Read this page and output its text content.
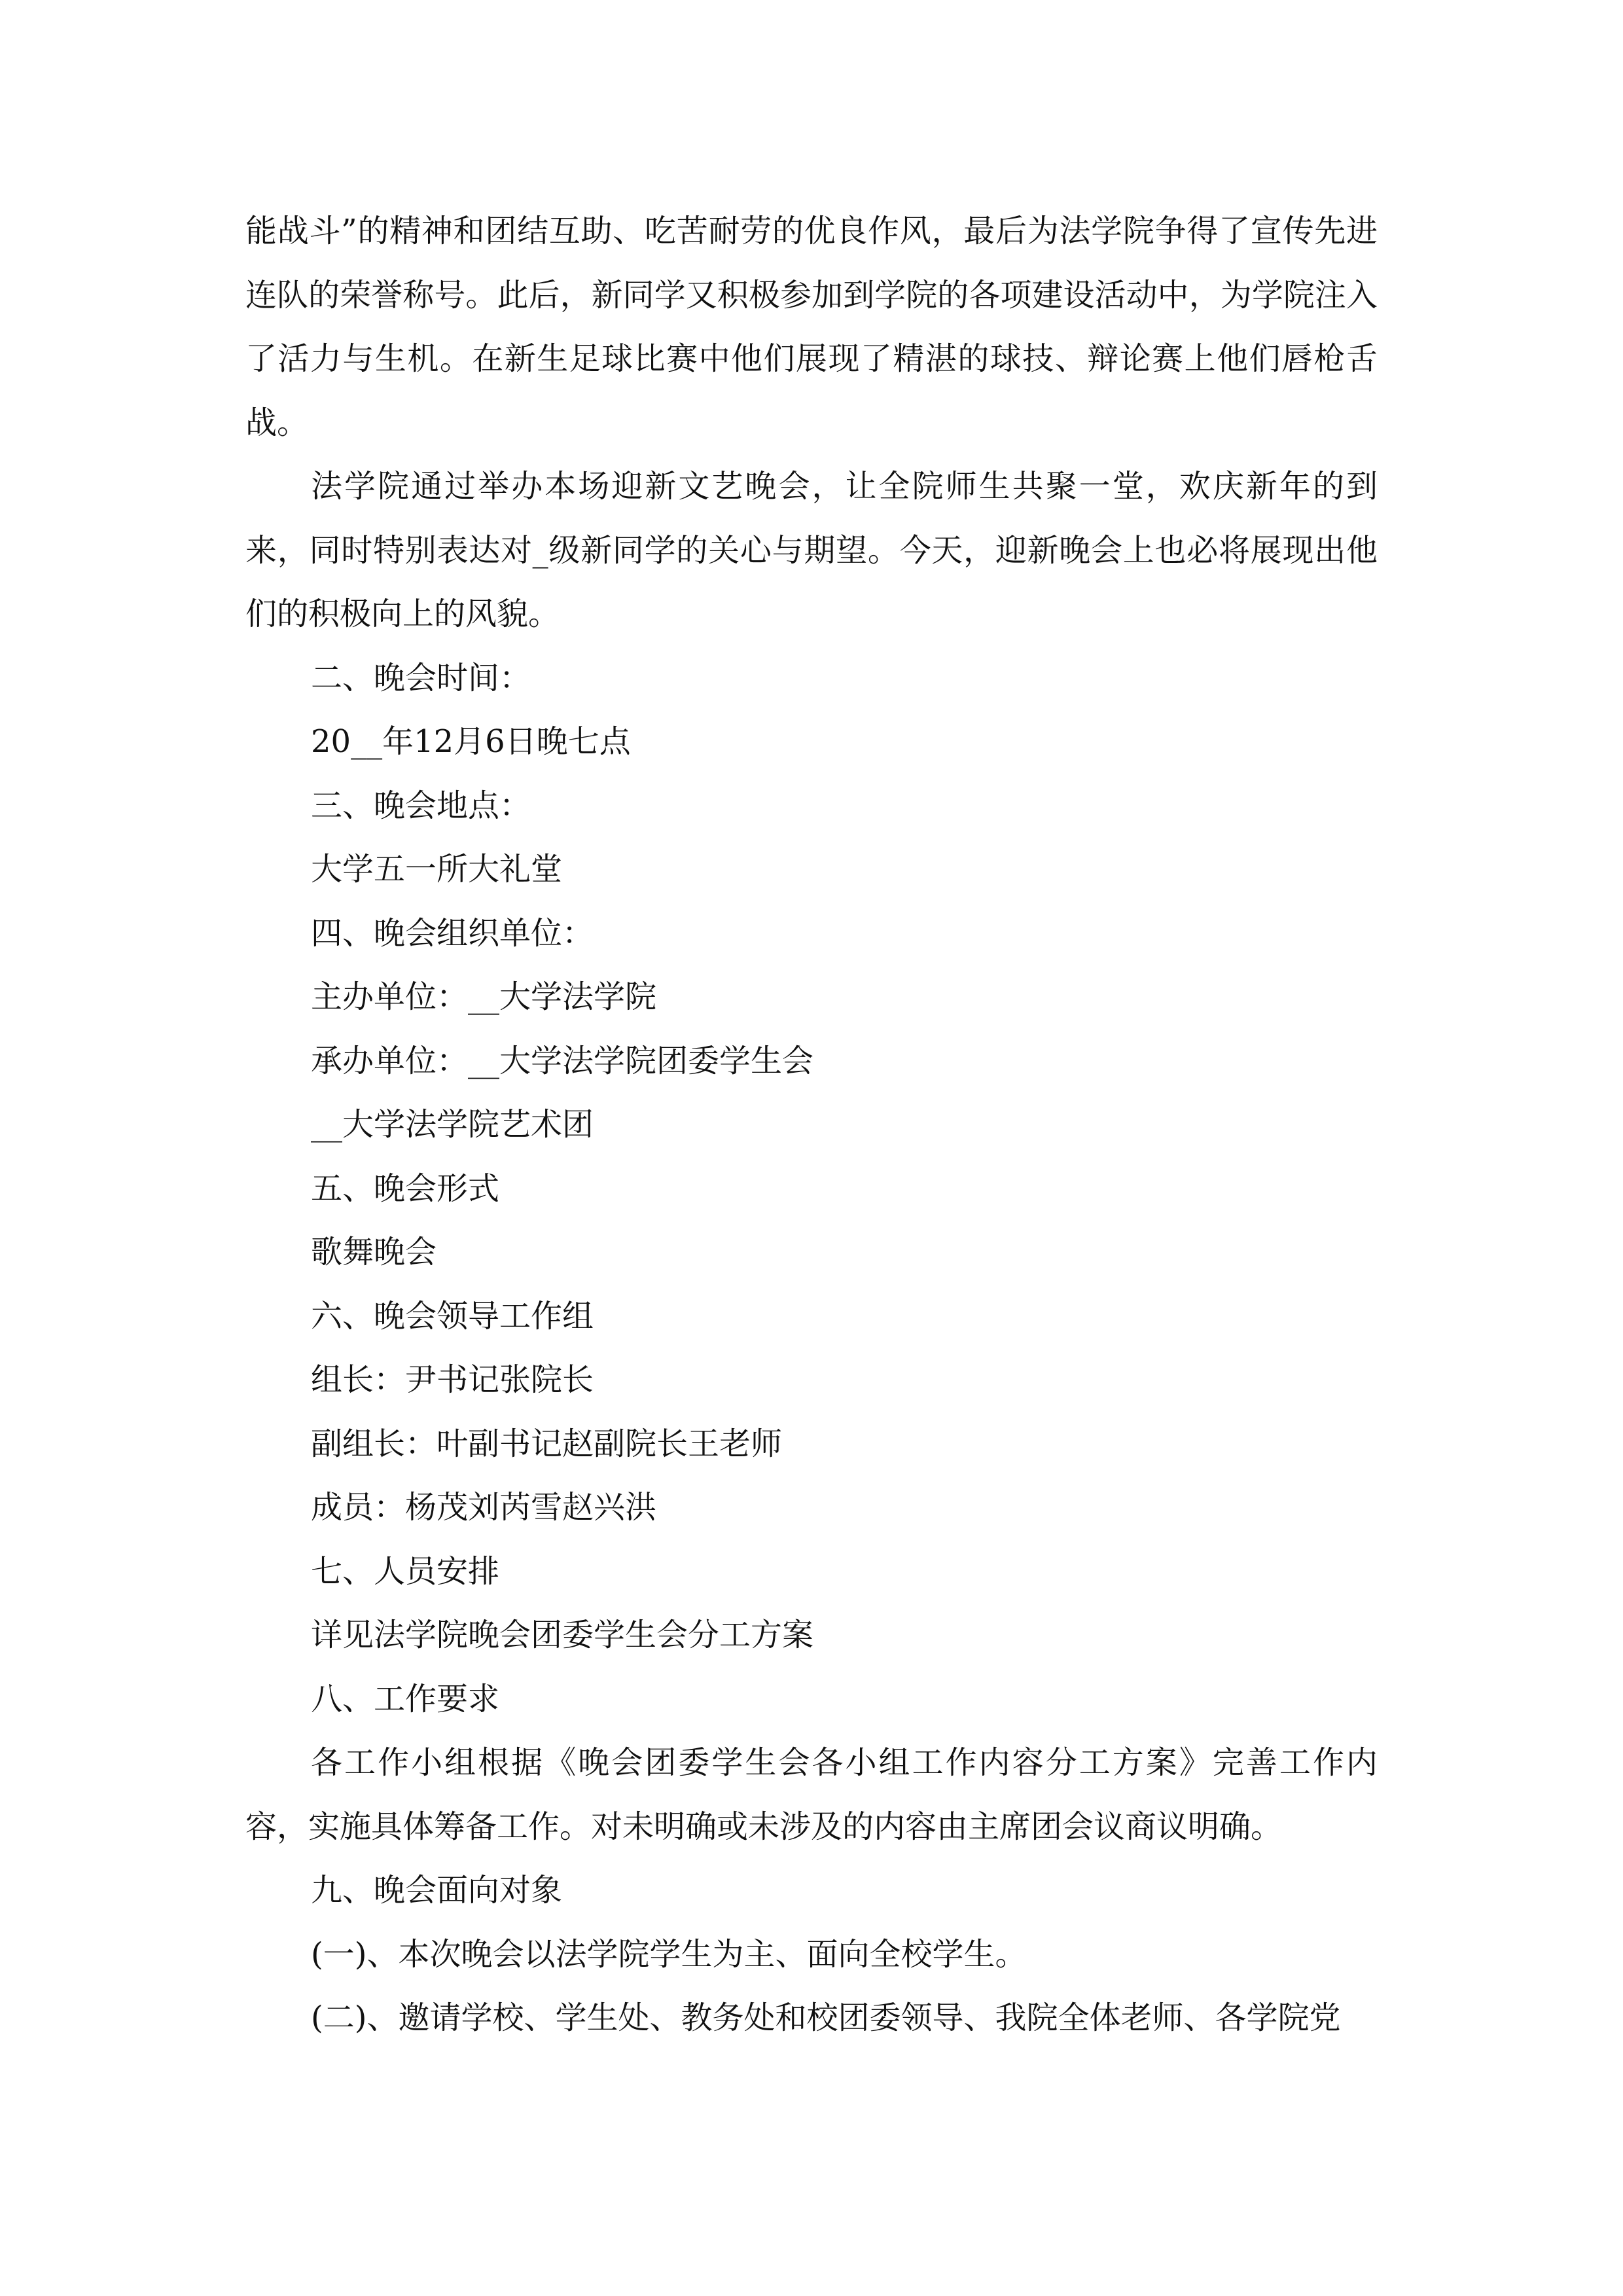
能战斗”的精神和团结互助、吃苦耐劳的优良作风，最后为法学院争得了宣传先进连队的荣誉称号。此后，新同学又积极参加到学院的各项建设活动中，为学院注入了活力与生机。在新生足球比赛中他们展现了精湛的球技、辩论赛上他们唇枪舌战。

法学院通过举办本场迎新文艺晚会，让全院师生共聚一堂，欢庆新年的到来，同时特别表达对_级新同学的关心与期望。今天，迎新晚会上也必将展现出他们的积极向上的风貌。

二、晚会时间：

20__年12月6日晚七点

三、晚会地点：

大学五一所大礼堂

四、晚会组织单位：

主办单位：__大学法学院

承办单位：__大学法学院团委学生会

__大学法学院艺术团

五、晚会形式

歌舞晚会

六、晚会领导工作组

组长：尹书记张院长

副组长：叶副书记赵副院长王老师

成员：杨茂刘芮雪赵兴洪

七、人员安排

详见法学院晚会团委学生会分工方案

八、工作要求

各工作小组根据《晚会团委学生会各小组工作内容分工方案》完善工作内容，实施具体筹备工作。对未明确或未涉及的内容由主席团会议商议明确。

九、晚会面向对象

(一)、本次晚会以法学院学生为主、面向全校学生。

(二)、邀请学校、学生处、教务处和校团委领导、我院全体老师、各学院党
